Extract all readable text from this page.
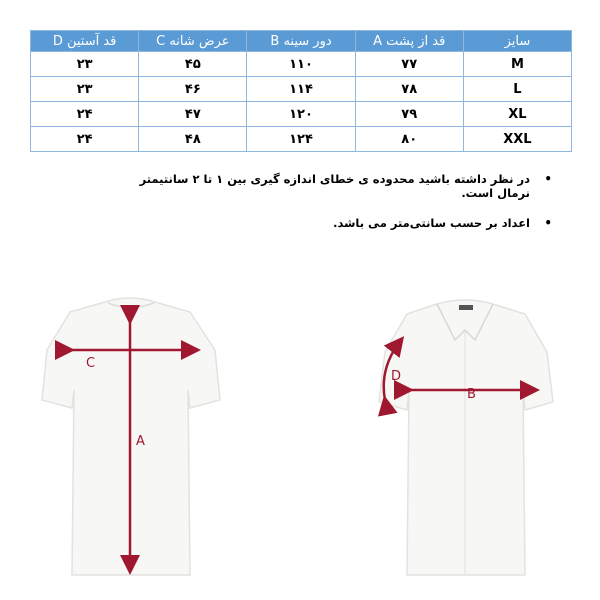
سایز	قد از پشت A	دور سینه B	عرض شانه C	قد آستین D
M	۷۷	۱۱۰	۴۵	۲۳
L	۷۸	۱۱۴	۴۶	۲۳
XL	۷۹	۱۲۰	۴۷	۲۴
XXL	۸۰	۱۲۴	۴۸	۲۴
•
در نظر داشته باشید محدوده ی خطای اندازه گیری بین ۱ تا ۲ سانتیمتر نرمال است.
•
اعداد بر حسب سانتی‌متر می باشد.
C
A
D
B
